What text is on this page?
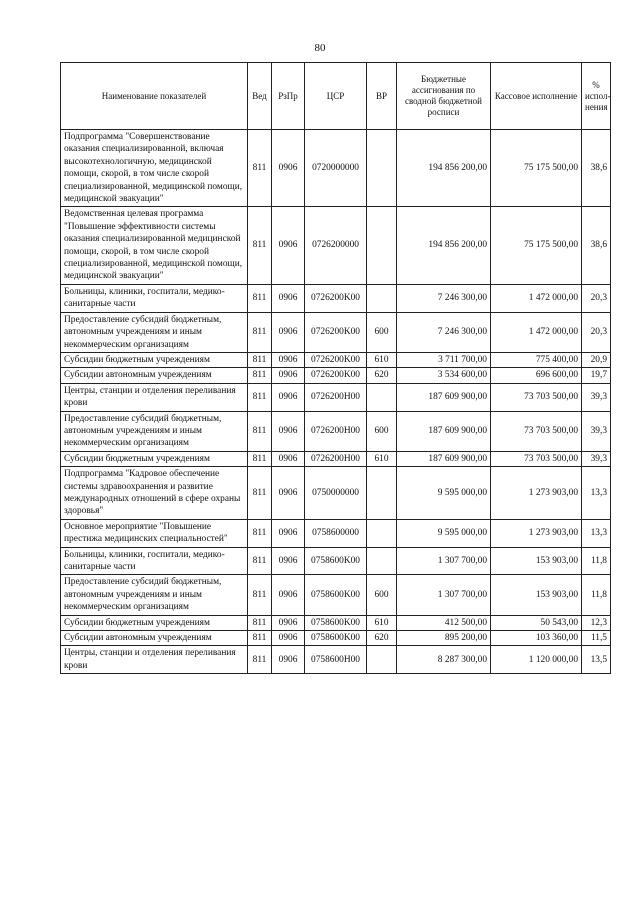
80
Наименование показателей	Вед	РзПр	ЦСР	ВР	Бюджетные ассигнования по сводной бюджетной росписи	Кассовое исполнение	% испол-нения
Подпрограмма "Совершенствование оказания специализированной, включая высокотехнологичную, медицинской помощи, скорой, в том числе скорой специализированной, медицинской помощи, медицинской эвакуации"	811	0906	0720000000		194 856 200,00	75 175 500,00	38,6
Ведомственная целевая программа "Повышение эффективности системы оказания специализированной медицинской помощи, скорой, в том числе скорой специализированной, медицинской помощи, медицинской эвакуации"	811	0906	0726200000		194 856 200,00	75 175 500,00	38,6
Больницы, клиники, госпитали, медико-санитарные части	811	0906	0726200K00		7 246 300,00	1 472 000,00	20,3
Предоставление субсидий бюджетным, автономным учреждениям и иным некоммерческим организациям	811	0906	0726200K00	600	7 246 300,00	1 472 000,00	20,3
Субсидии бюджетным учреждениям	811	0906	0726200K00	610	3 711 700,00	775 400,00	20,9
Субсидии автономным учреждениям	811	0906	0726200K00	620	3 534 600,00	696 600,00	19,7
Центры, станции и отделения переливания крови	811	0906	0726200H00		187 609 900,00	73 703 500,00	39,3
Предоставление субсидий бюджетным, автономным учреждениям и иным некоммерческим организациям	811	0906	0726200H00	600	187 609 900,00	73 703 500,00	39,3
Субсидии бюджетным учреждениям	811	0906	0726200H00	610	187 609 900,00	73 703 500,00	39,3
Подпрограмма "Кадровое обеспечение системы здравоохранения и развитие международных отношений в сфере охраны здоровья"	811	0906	0750000000		9 595 000,00	1 273 903,00	13,3
Основное мероприятие "Повышение престижа медицинских специальностей"	811	0906	0758600000		9 595 000,00	1 273 903,00	13,3
Больницы, клиники, госпитали, медико-санитарные части	811	0906	0758600K00		1 307 700,00	153 903,00	11,8
Предоставление субсидий бюджетным, автономным учреждениям и иным некоммерческим организациям	811	0906	0758600K00	600	1 307 700,00	153 903,00	11,8
Субсидии бюджетным учреждениям	811	0906	0758600K00	610	412 500,00	50 543,00	12,3
Субсидии автономным учреждениям	811	0906	0758600K00	620	895 200,00	103 360,00	11,5
Центры, станции и отделения переливания крови	811	0906	0758600H00		8 287 300,00	1 120 000,00	13,5
